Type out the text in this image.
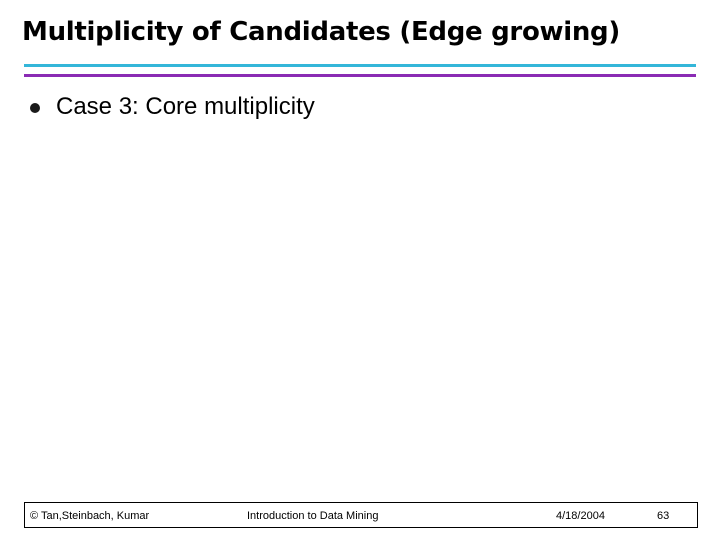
Multiplicity of Candidates (Edge growing)
Case 3: Core multiplicity
© Tan,Steinbach, Kumar	Introduction to Data Mining	4/18/2004	63
